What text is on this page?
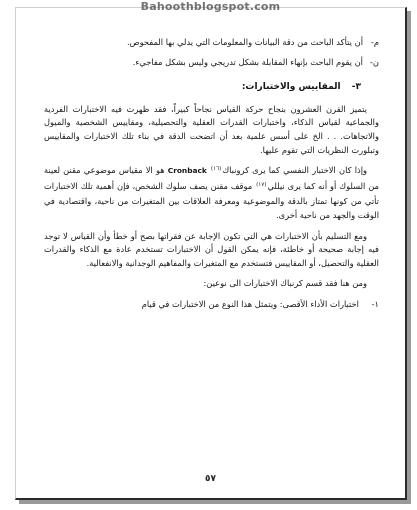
Bahoothblogspot.com
م -
أن يتأكد الباحث من دقة البيانات والمعلومات التي يدلي بها المفحوص.
ن -
أن يقوم الباحث بإنهاء المقابلة بشكل تدريجي وليس بشكل مفاجيء.
٣- المقاييس والاختبارات:

يتميز القرن العشرون بنجاح حركة القياس نجاحاً كبيراً، فقد ظهرت فيه الاختبارات الفردية والجماعية لقياس الذكاء، واختبارات القدرات العقلية والتحصيلية، ومقاييس الشخصية والميول والاتجاهات. . . الخ على أسس علمية بعد أن اتضحت الدقة في بناء تلك الاختبارات والمقاييس وتبلورت النظريات التي تقوم عليها.

وإذا كان الاختبار النفسي كما يرى كرونباك$^{(١٦)}$ Cronback هو الا مقياس موضوعي مقنن لعينة من السلوك أو أنه كما يرى نيللي$^{(١٧)}$ موقف مقنن يصف سلوك الشخص، فإن أهمية تلك الاختبارات تأتي من كونها تمتاز بالدقة والموضوعية ومعرفة العلاقات بين المتغيرات من ناحية، واقتصادية في الوقت والجهد من ناحية أخرى.

ومع التسليم بأن الاختبارات هي التي تكون الإجابة عن فقراتها بصح أو خطأ وأن القياس لا توجد فيه إجابة صحيحة أو خاطئة، فإنه يمكن القول أن الاختبارات تستخدم عادة مع الذكاء والقدرات العقلية والتحصيل، أو المقاييس فتستخدم مع المتغيرات والمفاهيم الوجدانية والانفعالية.

ومن هنا فقد قسم كرنباك الاختبارات الى نوعين:

١ -
اختبارات الأداء الأقصى: ويتمثل هذا النوع من الاختبارات في قيام
٥٧
